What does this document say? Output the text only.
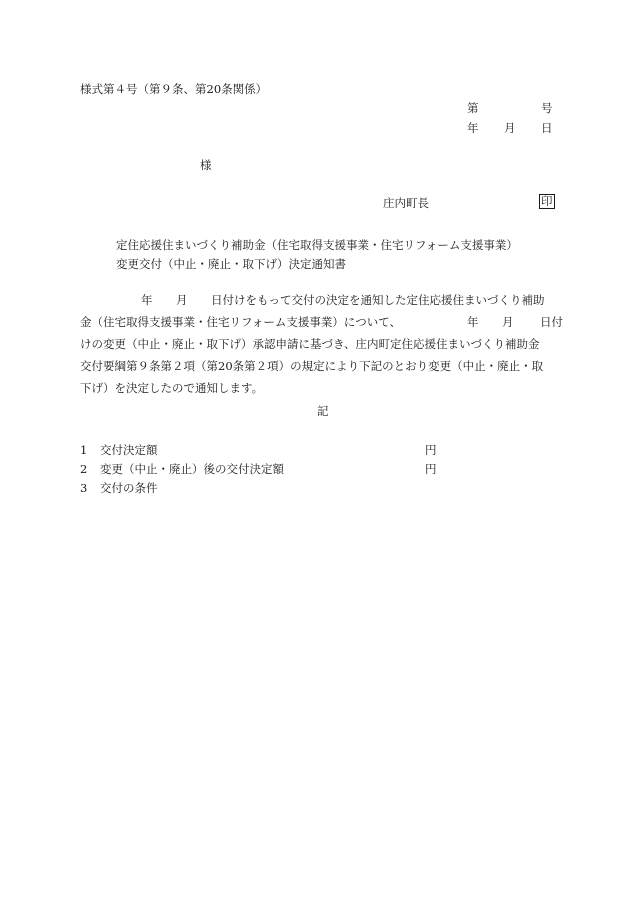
様式第４号（第９条、第20条関係）
第	号
年 月 日
様
庄内町長	印
定住応援住まいづくり補助金（住宅取得支援事業・住宅リフォーム支援事業）
変更交付（中止・廃止・取下げ）決定通知書

年 月 日付けをもって交付の決定を通知した定住応援住まいづくり補助

金（住宅取得支援事業・住宅リフォーム支援事業）について、	年 月 日付

けの変更（中止・廃止・取下げ）承認申請に基づき、庄内町定住応援住まいづくり補助金

交付要綱第９条第２項（第20条第２項）の規定により下記のとおり変更（中止・廃止・取

下げ）を決定したので通知します。

記
1 交付決定額	円
2 変更（中止・廃止）後の交付決定額	円
3 交付の条件
